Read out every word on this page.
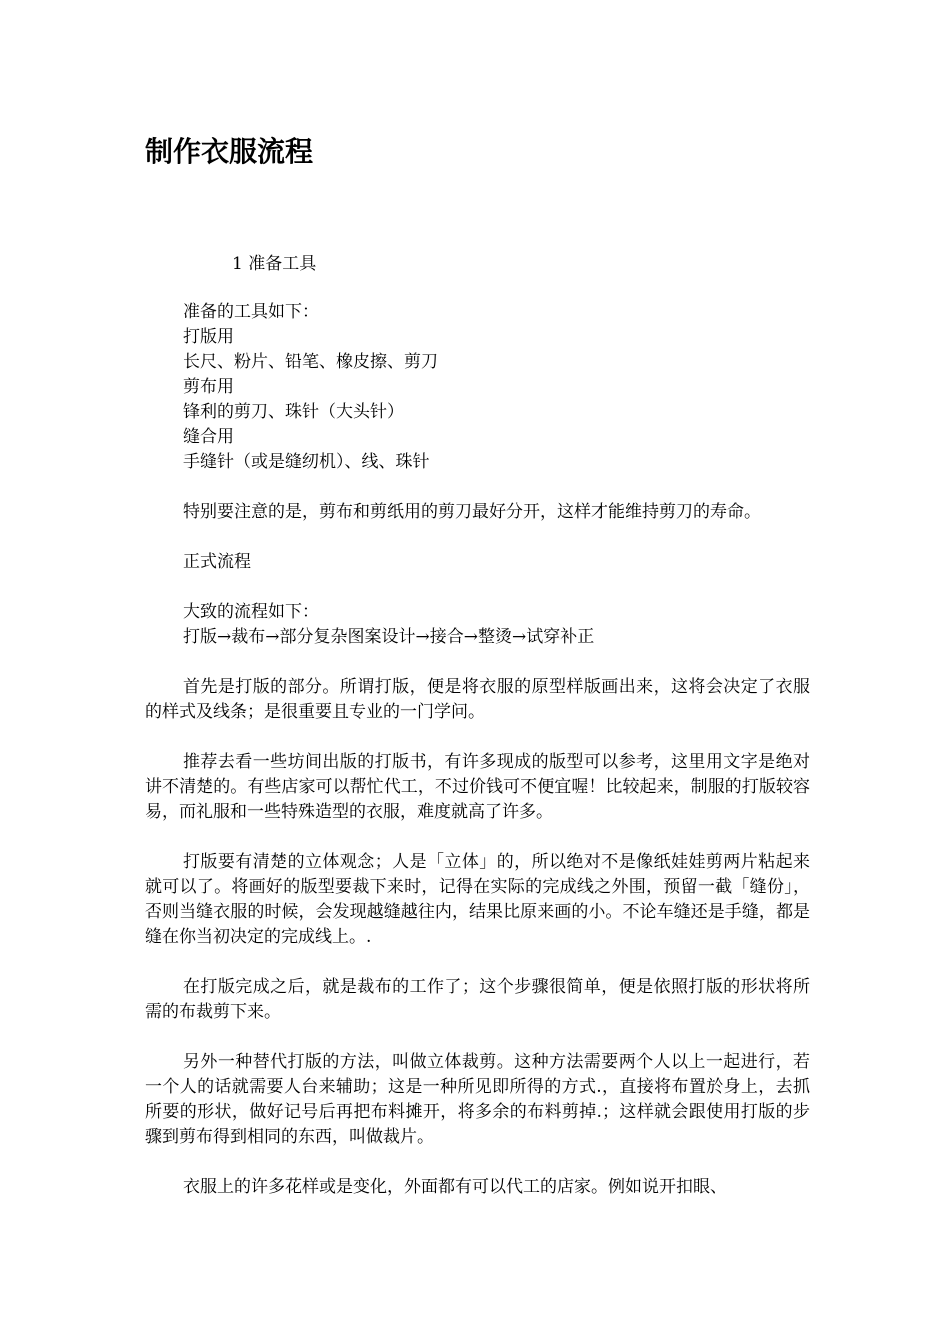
制作衣服流程
1 准备工具
准备的工具如下：
打版用
长尺、粉片、铅笔、橡皮擦、剪刀
剪布用
锋利的剪刀、珠针（大头针）
缝合用
手缝针（或是缝纫机）、线、珠针

特别要注意的是，剪布和剪纸用的剪刀最好分开，这样才能维持剪刀的寿命。

正式流程
大致的流程如下：
打版→裁布→部分复杂图案设计→接合→整烫→试穿补正

首先是打版的部分。所谓打版，便是将衣服的原型样版画出来，这将会决定了衣服的样式及线条；是很重要且专业的一门学问。

推荐去看一些坊间出版的打版书，有许多现成的版型可以参考，这里用文字是绝对讲不清楚的。有些店家可以帮忙代工，不过价钱可不便宜喔！比较起来，制服的打版较容易，而礼服和一些特殊造型的衣服，难度就高了许多。

打版要有清楚的立体观念；人是「立体」的，所以绝对不是像纸娃娃剪两片粘起来就可以了。将画好的版型要裁下来时，记得在实际的完成线之外围，预留一截「缝份」，否则当缝衣服的时候，会发现越缝越往内，结果比原来画的小。不论车缝还是手缝，都是缝在你当初决定的完成线上。.

在打版完成之后，就是裁布的工作了；这个步骤很简单，便是依照打版的形状将所需的布裁剪下来。

另外一种替代打版的方法，叫做立体裁剪。这种方法需要两个人以上一起进行，若一个人的话就需要人台来辅助；这是一种所见即所得的方式.，直接将布置於身上，去抓所要的形状，做好记号后再把布料摊开，将多余的布料剪掉.；这样就会跟使用打版的步骤到剪布得到相同的东西，叫做裁片。

衣服上的许多花样或是变化，外面都有可以代工的店家。例如说开扣眼、
